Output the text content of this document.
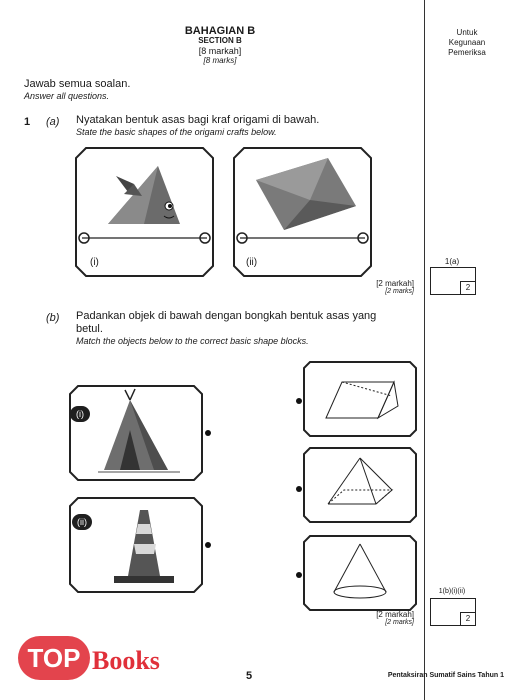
BAHAGIAN B
SECTION B
[8 markah]
[8 marks]
Untuk
Kegunaan
Pemeriksa
Jawab semua soalan.
Answer all questions.
1 (a) Nyatakan bentuk asas bagi kraf origami di bawah.
State the basic shapes of the origami crafts below.
(i)	(ii)
[2 markah]
[2 marks]
1(a)
2
(b) Padankan objek di bawah dengan bongkah bentuk asas yang
betul.
Match the objects below to the correct basic shape blocks.
(i)
(ii)
[2 markah]
[2 marks]
1(b)(i)(ii)
2
5	Pentaksiran Sumatif Sains Tahun 1
TOP Books
